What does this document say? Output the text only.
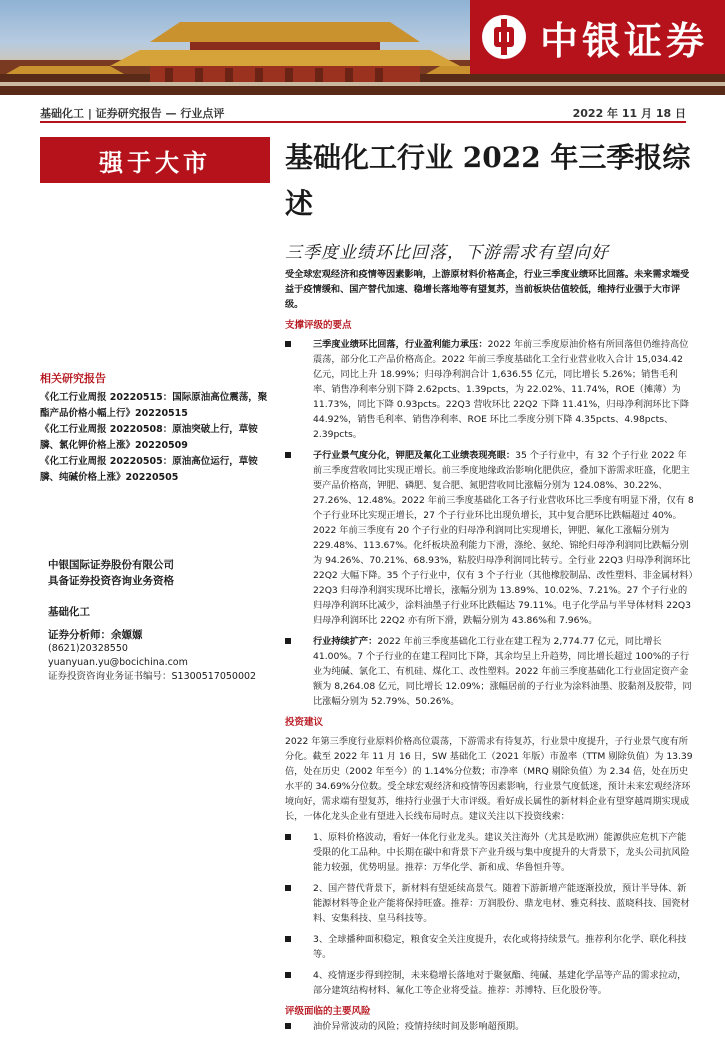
中银证券
基础化工 | 证券研究报告 — 行业点评	2022 年 11 月 18 日
强于大市	基础化工行业 2022 年三季报综述
三季度业绩环比回落，下游需求有望向好
相关研究报告
《化工行业周报 20220515：国际原油高位震荡，聚酯产品价格小幅上行》20220515
《化工行业周报 20220508：原油突破上行，草铵膦、氯化钾价格上涨》20220509
《化工行业周报 20220505：原油高位运行，草铵膦、纯碱价格上涨》20220505
中银国际证券股份有限公司
具备证券投资咨询业务资格
基础化工
证券分析师：余嫄嫄
(8621)20328550
yuanyuan.yu@bocichina.com
证券投资咨询业务证书编号：S1300517050002
受全球宏观经济和疫情等因素影响，上游原材料价格高企，行业三季度业绩环比回落。未来需求端受益于疫情缓和、国产替代加速、稳增长落地等有望复苏，当前板块估值较低，维持行业强于大市评级。
支撑评级的要点
三季度业绩环比回落，行业盈利能力承压：2022 年前三季度原油价格有所回落但仍维持高位震荡，部分化工产品价格高企。2022 年前三季度基础化工全行业营业收入合计 15,034.42 亿元，同比上升 18.99%；归母净利润合计 1,636.55 亿元，同比增长 5.26%；销售毛利率、销售净利率分别下降 2.62pcts、1.39pcts，为 22.02%、11.74%，ROE（摊薄）为 11.73%，同比下降 0.93pcts。22Q3 营收环比 22Q2 下降 11.41%，归母净利润环比下降 44.92%，销售毛利率、销售净利率、ROE 环比二季度分别下降 4.35pcts、4.98pcts、2.39pcts。
子行业景气度分化，钾肥及氟化工业绩表现亮眼：35 个子行业中，有 32 个子行业 2022 年前三季度营收同比实现正增长。前三季度地缘政治影响化肥供应，叠加下游需求旺盛，化肥主要产品价格高，钾肥、磷肥、复合肥、氮肥营收同比涨幅分别为 124.08%、30.22%、27.26%、12.48%。2022 年前三季度基础化工各子行业营收环比三季度有明显下滑，仅有 8 个子行业环比实现正增长，27 个子行业环比出现负增长，其中复合肥环比跌幅超过 40%。2022 年前三季度有 20 个子行业的归母净利润同比实现增长，钾肥、氟化工涨幅分别为 229.48%、113.67%。化纤板块盈利能力下滑，涤纶、氨纶、锦纶归母净利润同比跌幅分别为 94.26%、70.21%、68.93%，粘胶归母净利润同比转亏。全行业 22Q3 归母净利润环比 22Q2 大幅下降。35 个子行业中，仅有 3 个子行业（其他橡胶制品、改性塑料、非金属材料）22Q3 归母净利润实现环比增长，涨幅分别为 13.89%、10.02%、7.21%。27 个子行业的归母净利润环比减少，涂料油墨子行业环比跌幅达 79.11%。电子化学品与半导体材料 22Q3 归母净利润环比 22Q2 亦有所下滑，跌幅分别为 43.86%和 7.96%。
行业持续扩产：2022 年前三季度基础化工行业在建工程为 2,774.77 亿元，同比增长 41.00%。7 个子行业的在建工程同比下降，其余均呈上升趋势，同比增长超过 100%的子行业为纯碱、氯化工、有机硅、煤化工、改性塑料。2022 年前三季度基础化工行业固定资产金额为 8,264.08 亿元，同比增长 12.09%；涨幅居前的子行业为涂料油墨、胶黏剂及胶带，同比涨幅分别为 52.79%、50.26%。
投资建议
2022 年第三季度行业原料价格高位震荡，下游需求有待复苏，行业景中度提升，子行业景气度有所分化。截至 2022 年 11 月 16 日，SW 基础化工（2021 年版）市盈率（TTM 剔除负值）为 13.39 倍，处在历史（2002 年至今）的 1.14%分位数；市净率（MRQ 剔除负值）为 2.34 倍，处在历史水平的 34.69%分位数。受全球宏观经济和疫情等因素影响，行业景气度低迷，预计未来宏观经济环境向好，需求端有望复苏，维持行业强于大市评级。看好成长属性的新材料企业有望穿越周期实现成长，一体化龙头企业有望进入长线布局时点。建议关注以下投资线索：
1、原料价格波动，看好一体化行业龙头。建议关注海外（尤其是欧洲）能源供应危机下产能受限的化工品种。中长期在碳中和背景下产业升级与集中度提升的大背景下，龙头公司抗风险能力较强，优势明显。推荐：万华化学、新和成、华鲁恒升等。
2、国产替代背景下，新材料有望延续高景气。随着下游新增产能逐渐投放，预计半导体、新能源材料等企业产能将保持旺盛。推荐：万润股份、鼎龙电材、雅克科技、蓝晓科技、国瓷材料、安集科技、皇马科技等。
3、全球播种面积稳定，粮食安全关注度提升，农化或将持续景气。推荐利尔化学、联化科技等。
4、疫情逐步得到控制，未来稳增长落地对于聚氨酯、纯碱、基建化学品等产品的需求拉动，部分建筑结构材料、氟化工等企业将受益。推荐：苏博特、巨化股份等。
评级面临的主要风险
油价异常波动的风险；疫情持续时间及影响超预期。
